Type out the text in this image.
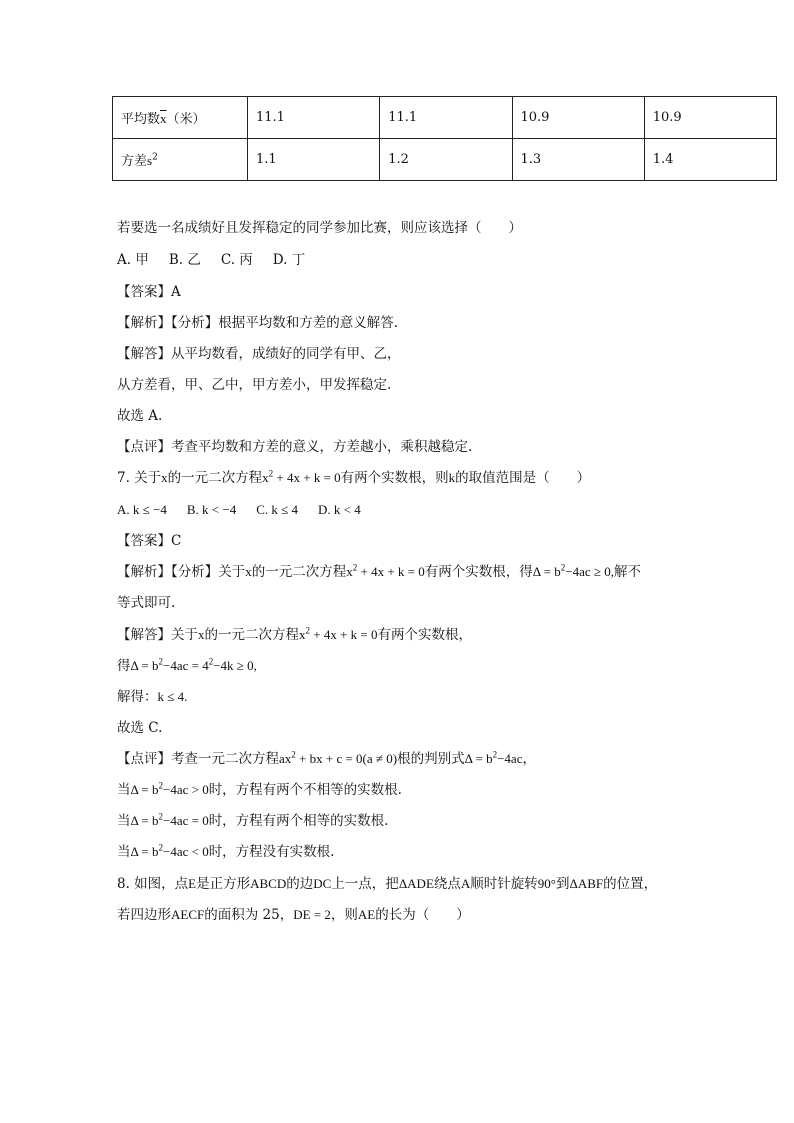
平均数$\overline{x}$（米）	11.1	11.1	10.9	10.9
方差$s^2$	1.1	1.2	1.3	1.4
若要选一名成绩好且发挥稳定的同学参加比赛，则应该选择（　　）
A. 甲 B. 乙 C. 丙 D. 丁
【答案】A
【解析】【分析】根据平均数和方差的意义解答.
【解答】从平均数看，成绩好的同学有甲、乙，
从方差看，甲、乙中，甲方差小，甲发挥稳定.
故选 A.
【点评】考查平均数和方差的意义，方差越小，乘积越稳定.
7. 关于x的一元二次方程$x^2 + 4x + k = 0$有两个实数根，则k的取值范围是（　　）
A. k ≤ −4 B. k < −4 C. k ≤ 4 D. k < 4
【答案】C
【解析】【分析】关于x的一元二次方程$x^2 + 4x + k = 0$有两个实数根，得$\Delta = b^2-4ac \ge 0$,解不
等式即可.
【解答】关于x的一元二次方程$x^2 + 4x + k = 0$有两个实数根，
得$\Delta = b^2-4ac = 4^2-4k \ge 0$,
解得：k ≤ 4.
故选 C.
【点评】考查一元二次方程$ax^2$ + bx + c = 0(a ≠ 0)根的判别式$\Delta = b^2-4ac$，
当$\Delta = b^2-4ac > 0$时，方程有两个不相等的实数根.
当$\Delta = b^2-4ac = 0$时，方程有两个相等的实数根.
当$\Delta = b^2-4ac < 0$时，方程没有实数根.
8. 如图，点E是正方形ABCD的边DC上一点，把ΔADE绕点A顺时针旋转90°到ΔABF的位置，
若四边形AECF的面积为 25，DE = 2，则AE的长为（　　）
